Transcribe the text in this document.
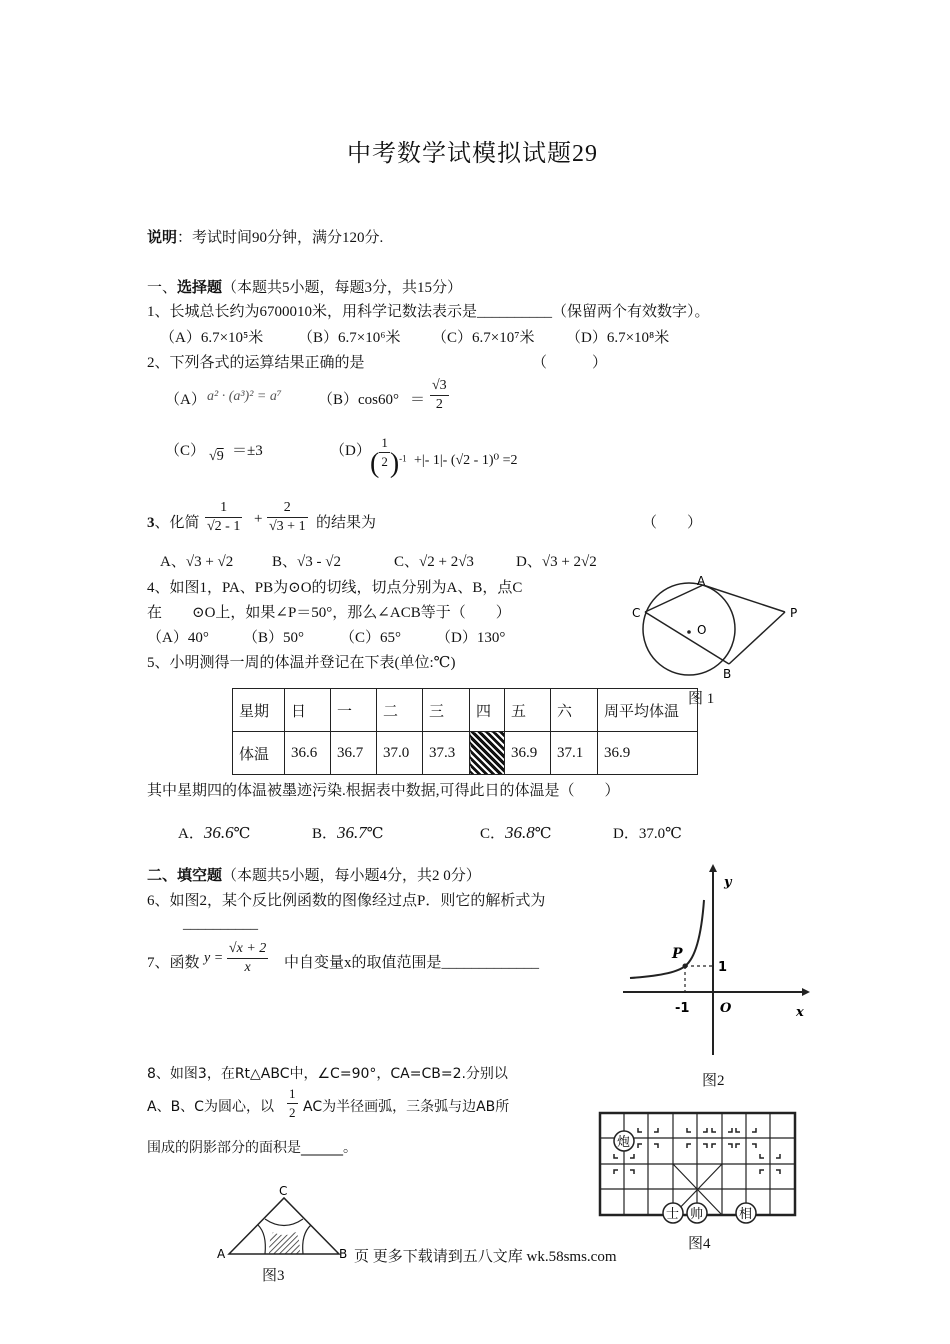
中考数学试模拟试题29
说明：考试时间90分钟，满分120分.
一、选择题（本题共5小题，每题3分，共15分）
1、长城总长约为6700010米，用科学记数法表示是__________（保留两个有效数字）。
（A）6.7×10⁵米 （B）6.7×10⁶米 （C）6.7×10⁷米 （D）6.7×10⁸米
2、下列各式的运算结果正确的是	（　　　）
（A） a² · (a³)² = a⁷ $(B)\cos 60^\circ = \frac{√3}{2}$
（C） √9 ＝±3	（D） ( $\frac{1}{2} )^{-1}$ +|- 1|- (√2 - 1)⁰ =2
3、化简 $\frac{1}{√2 - 1} + \frac{2}{√3 + 1}$ 的结果为	（　　）
A、√3 + √2	B、√3 - √2	C、√2 + 2√3	D、√3 + 2√2
4、如图1，PA、PB为⊙O的切线，切点分别为A、B，点C
在　　⊙O上，如果∠P＝50°，那么∠ACB等于（　　）
（A）40° （B）50° （C）65° （D）130°
A
B
C	P
O
图 1
5、小明测得一周的体温并登记在下表(单位:℃)
星期	日	一	二	三	四	五	六	周平均体温
体温	36.6	36.7	37.0	37.3		36.9	37.1	36.9
其中星期四的体温被墨迹污染.根据表中数据,可得此日的体温是（　　）
A．36.6℃	B．36.7℃	C．36.8℃	D．37.0℃
二、填空题（本题共5小题，每小题4分，共2 0分）
6、如图2，某个反比例函数的图像经过点P．则它的解析式为
__________
7、函数 $y = \frac{√x + 2}{x}$ 中自变量x的取值范围是_____________
y
x
P
1
-1 O
图2
8、如图3，在Rt△ABC中，∠C=90°，CA=CB=2.分别以
A、B、C为圆心，以 $\frac{1}{2}$ AC为半径画弧，三条弧与边AB所
围成的阴影部分的面积是______。
A	B
C
图3
页 更多下载请到五八文库 wk.58sms.com
炮
士 帅	相
图4
